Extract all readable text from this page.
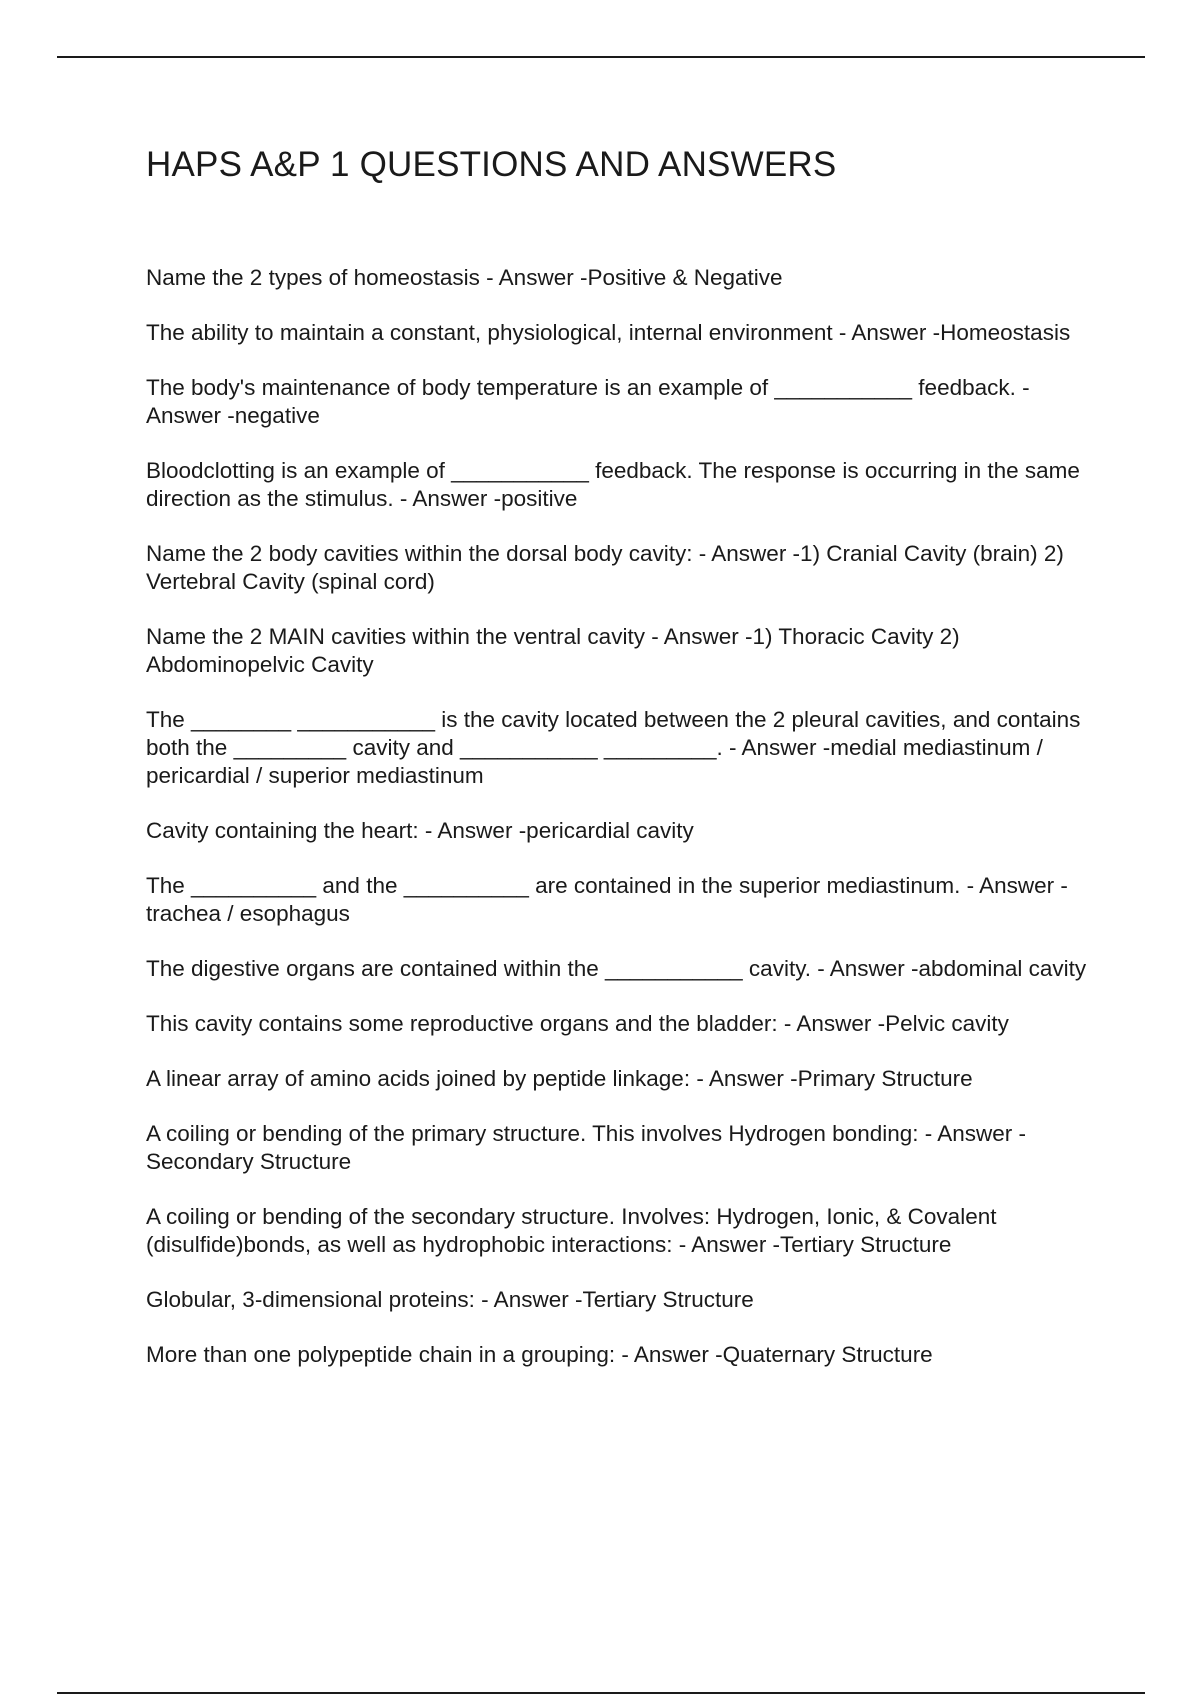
HAPS A&P 1 QUESTIONS AND ANSWERS
Name the 2 types of homeostasis - Answer -Positive & Negative
The ability to maintain a constant, physiological, internal environment - Answer -Homeostasis
The body's maintenance of body temperature is an example of ___________ feedback. - Answer -negative
Bloodclotting is an example of ___________ feedback. The response is occurring in the same direction as the stimulus. - Answer -positive
Name the 2 body cavities within the dorsal body cavity: - Answer -1) Cranial Cavity (brain) 2) Vertebral Cavity (spinal cord)
Name the 2 MAIN cavities within the ventral cavity - Answer -1) Thoracic Cavity 2) Abdominopelvic Cavity
The ________ ___________ is the cavity located between the 2 pleural cavities, and contains both the _________ cavity and ___________ _________. - Answer -medial mediastinum / pericardial / superior mediastinum
Cavity containing the heart: - Answer -pericardial cavity
The __________ and the __________ are contained in the superior mediastinum. - Answer -trachea / esophagus
The digestive organs are contained within the ___________ cavity. - Answer -abdominal cavity
This cavity contains some reproductive organs and the bladder: - Answer -Pelvic cavity
A linear array of amino acids joined by peptide linkage: - Answer -Primary Structure
A coiling or bending of the primary structure. This involves Hydrogen bonding: - Answer -Secondary Structure
A coiling or bending of the secondary structure. Involves: Hydrogen, Ionic, & Covalent (disulfide)bonds, as well as hydrophobic interactions: - Answer -Tertiary Structure
Globular, 3-dimensional proteins: - Answer -Tertiary Structure
More than one polypeptide chain in a grouping: - Answer -Quaternary Structure
